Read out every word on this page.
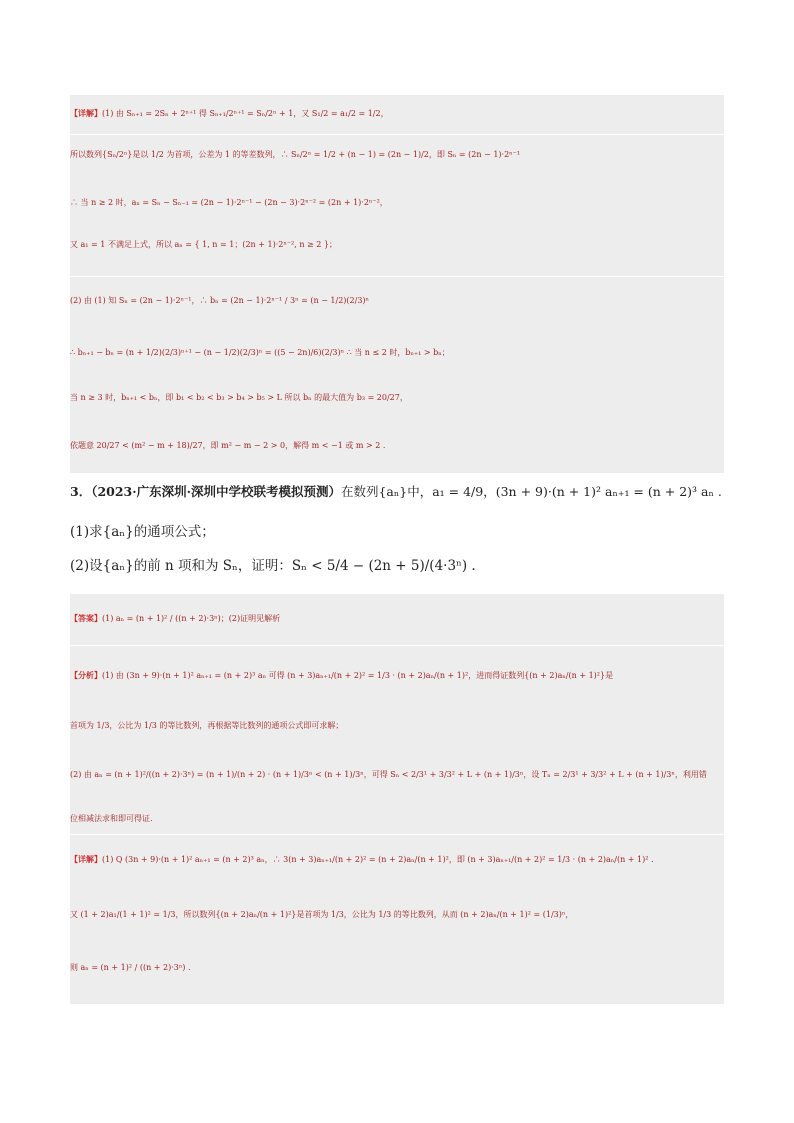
【详解】(1) 由 Sₙ₊₁ = 2Sₙ + 2ⁿ⁺¹ 得 Sₙ₊₁/2ⁿ⁺¹ = Sₙ/2ⁿ + 1，又 S₁/2 = a₁/2 = 1/2，
所以数列{Sₙ/2ⁿ}是以 1/2 为首项，公差为 1 的等差数列，∴ Sₙ/2ⁿ = 1/2 + (n − 1) = (2n − 1)/2，即 Sₙ = (2n − 1)·2ⁿ⁻¹
∴ 当 n ≥ 2 时，aₙ = Sₙ − Sₙ₋₁ = (2n − 1)·2ⁿ⁻¹ − (2n − 3)·2ⁿ⁻² = (2n + 1)·2ⁿ⁻²，
又 a₁ = 1 不满足上式，所以 aₙ = { 1, n = 1；(2n + 1)·2ⁿ⁻², n ≥ 2 }；
(2) 由 (1) 知 Sₙ = (2n − 1)·2ⁿ⁻¹，∴ bₙ = (2n − 1)·2ⁿ⁻¹ / 3ⁿ = (n − 1/2)(2/3)ⁿ
∴ bₙ₊₁ − bₙ = (n + 1/2)(2/3)ⁿ⁺¹ − (n − 1/2)(2/3)ⁿ = ((5 − 2n)/6)(2/3)ⁿ ∴ 当 n ≤ 2 时，bₙ₊₁ > bₙ；
当 n ≥ 3 时，bₙ₊₁ < bₙ，即 b₁ < b₂ < b₃ > b₄ > b₅ > L 所以 bₙ 的最大值为 b₃ = 20/27，
依题意 20/27 < (m² − m + 18)/27，即 m² − m − 2 > 0，解得 m < −1 或 m > 2 .
3．（2023·广东深圳·深圳中学校联考模拟预测）在数列{aₙ}中，a₁ = 4/9，(3n + 9)·(n + 1)² aₙ₊₁ = (n + 2)³ aₙ .
(1)求{aₙ}的通项公式；
(2)设{aₙ}的前 n 项和为 Sₙ，证明：Sₙ < 5/4 − (2n + 5)/(4·3ⁿ) .
【答案】(1) aₙ = (n + 1)² / ((n + 2)·3ⁿ)；(2)证明见解析
【分析】(1) 由 (3n + 9)·(n + 1)² aₙ₊₁ = (n + 2)³ aₙ 可得 (n + 3)aₙ₊₁/(n + 2)² = 1/3 · (n + 2)aₙ/(n + 1)²，进而得证数列{(n + 2)aₙ/(n + 1)²}是
首项为 1/3，公比为 1/3 的等比数列，再根据等比数列的通项公式即可求解；
(2) 由 aₙ = (n + 1)²/((n + 2)·3ⁿ) = (n + 1)/(n + 2) · (n + 1)/3ⁿ < (n + 1)/3ⁿ，可得 Sₙ < 2/3¹ + 3/3² + L + (n + 1)/3ⁿ，设 Tₙ = 2/3¹ + 3/3² + L + (n + 1)/3ⁿ，利用错
位相减法求和即可得证.
【详解】(1) Q (3n + 9)·(n + 1)² aₙ₊₁ = (n + 2)³ aₙ，∴ 3(n + 3)aₙ₊₁/(n + 2)² = (n + 2)aₙ/(n + 1)²，即 (n + 3)aₙ₊₁/(n + 2)² = 1/3 · (n + 2)aₙ/(n + 1)² .
又 (1 + 2)a₁/(1 + 1)² = 1/3，所以数列{(n + 2)aₙ/(n + 1)²}是首项为 1/3，公比为 1/3 的等比数列，从而 (n + 2)aₙ/(n + 1)² = (1/3)ⁿ，
则 aₙ = (n + 1)² / ((n + 2)·3ⁿ) .
